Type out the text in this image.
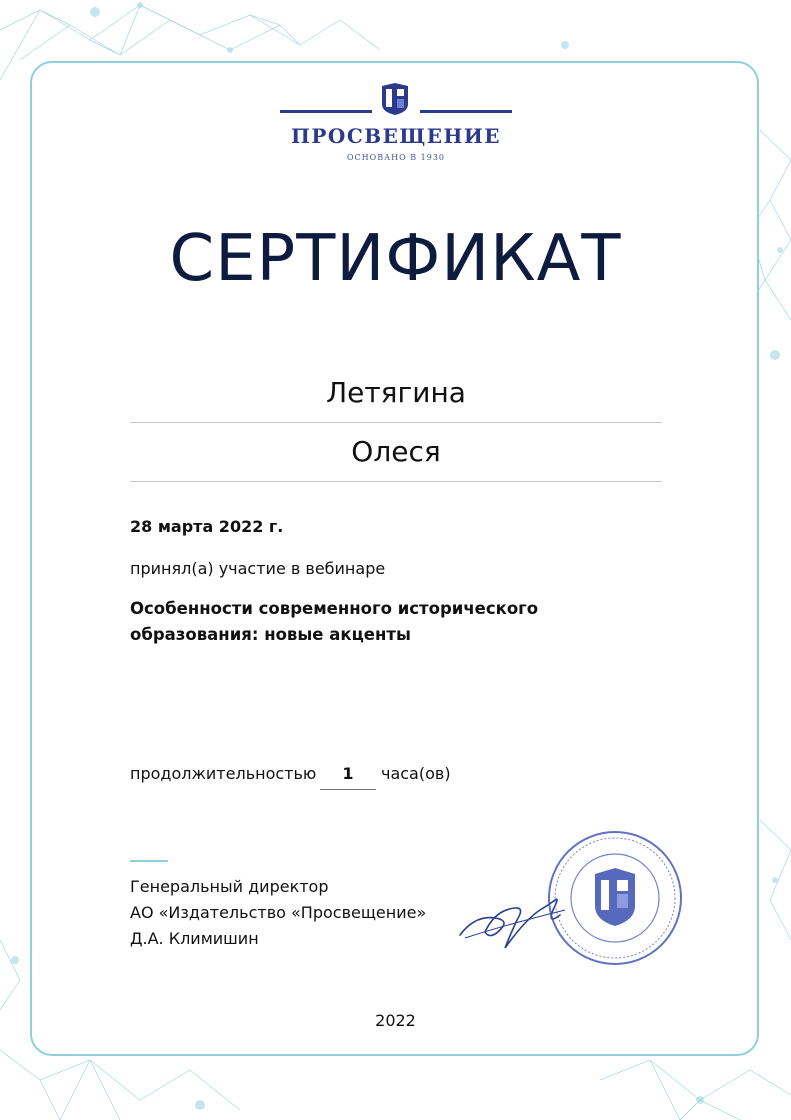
ПРОСВЕЩЕНИЕ
ОСНОВАНО В 1930
СЕРТИФИКАТ
Летягина
Олеся
28 марта 2022 г.
принял(а) участие в вебинаре
Особенности современного исторического образования: новые акценты
продолжительностью	1	часа(ов)
Генеральный директор
АО «Издательство «Просвещение»
Д.А. Климишин
2022
